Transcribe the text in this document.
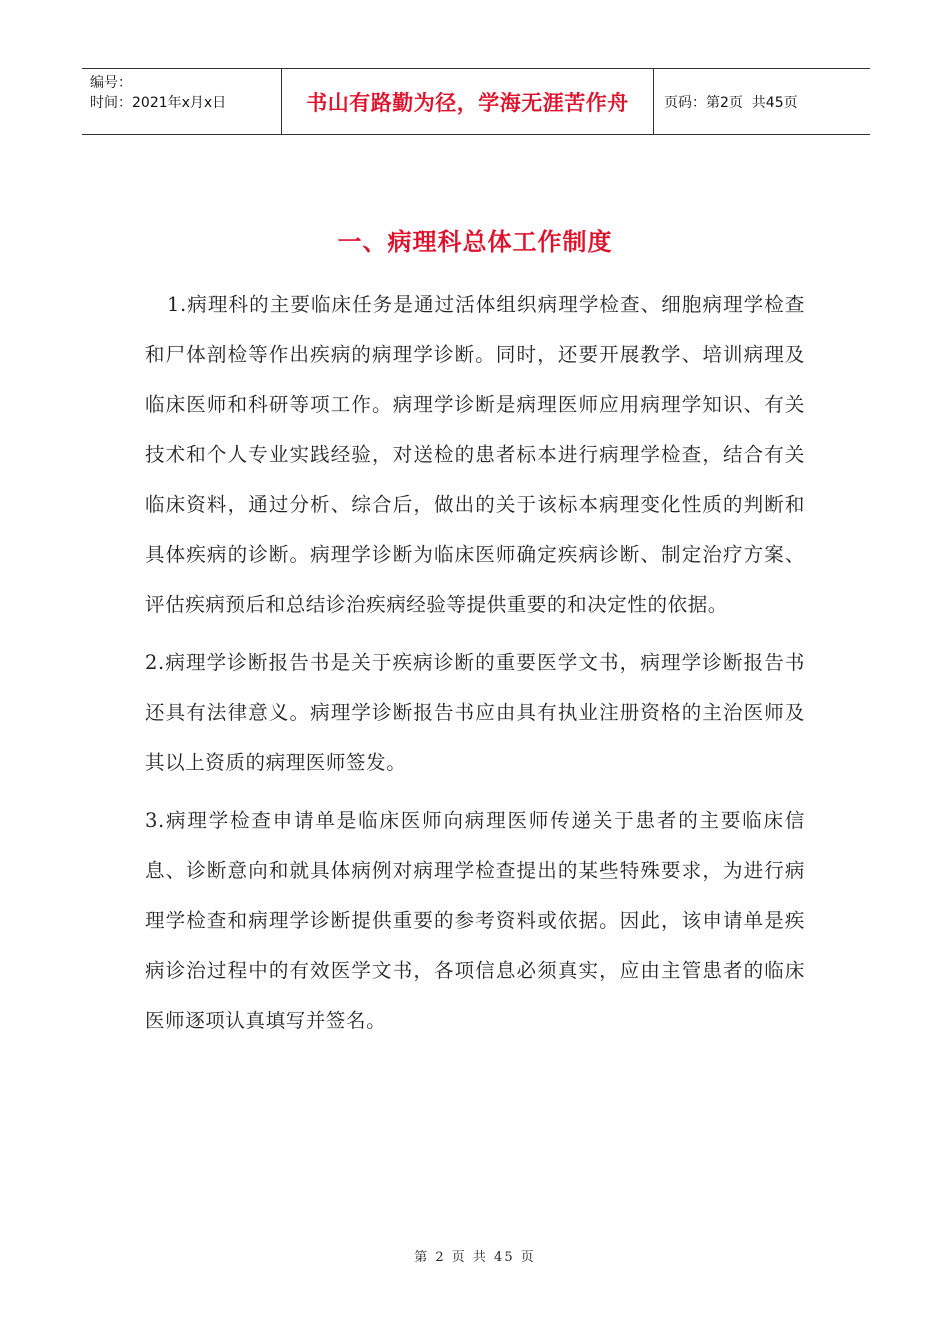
编号：
时间：2021年x月x日	书山有路勤为径，学海无涯苦作舟	页码：第2页  共45页
一、病理科总体工作制度

1.病理科的主要临床任务是通过活体组织病理学检查、细胞病理学检查和尸体剖检等作出疾病的病理学诊断。同时，还要开展教学、培训病理及临床医师和科研等项工作。病理学诊断是病理医师应用病理学知识、有关技术和个人专业实践经验，对送检的患者标本进行病理学检查，结合有关临床资料，通过分析、综合后，做出的关于该标本病理变化性质的判断和具体疾病的诊断。病理学诊断为临床医师确定疾病诊断、制定治疗方案、评估疾病预后和总结诊治疾病经验等提供重要的和决定性的依据。

2.病理学诊断报告书是关于疾病诊断的重要医学文书，病理学诊断报告书还具有法律意义。病理学诊断报告书应由具有执业注册资格的主治医师及其以上资质的病理医师签发。

3.病理学检查申请单是临床医师向病理医师传递关于患者的主要临床信息、诊断意向和就具体病例对病理学检查提出的某些特殊要求，为进行病理学检查和病理学诊断提供重要的参考资料或依据。因此，该申请单是疾病诊治过程中的有效医学文书，各项信息必须真实，应由主管患者的临床医师逐项认真填写并签名。

第 2 页 共 45 页
